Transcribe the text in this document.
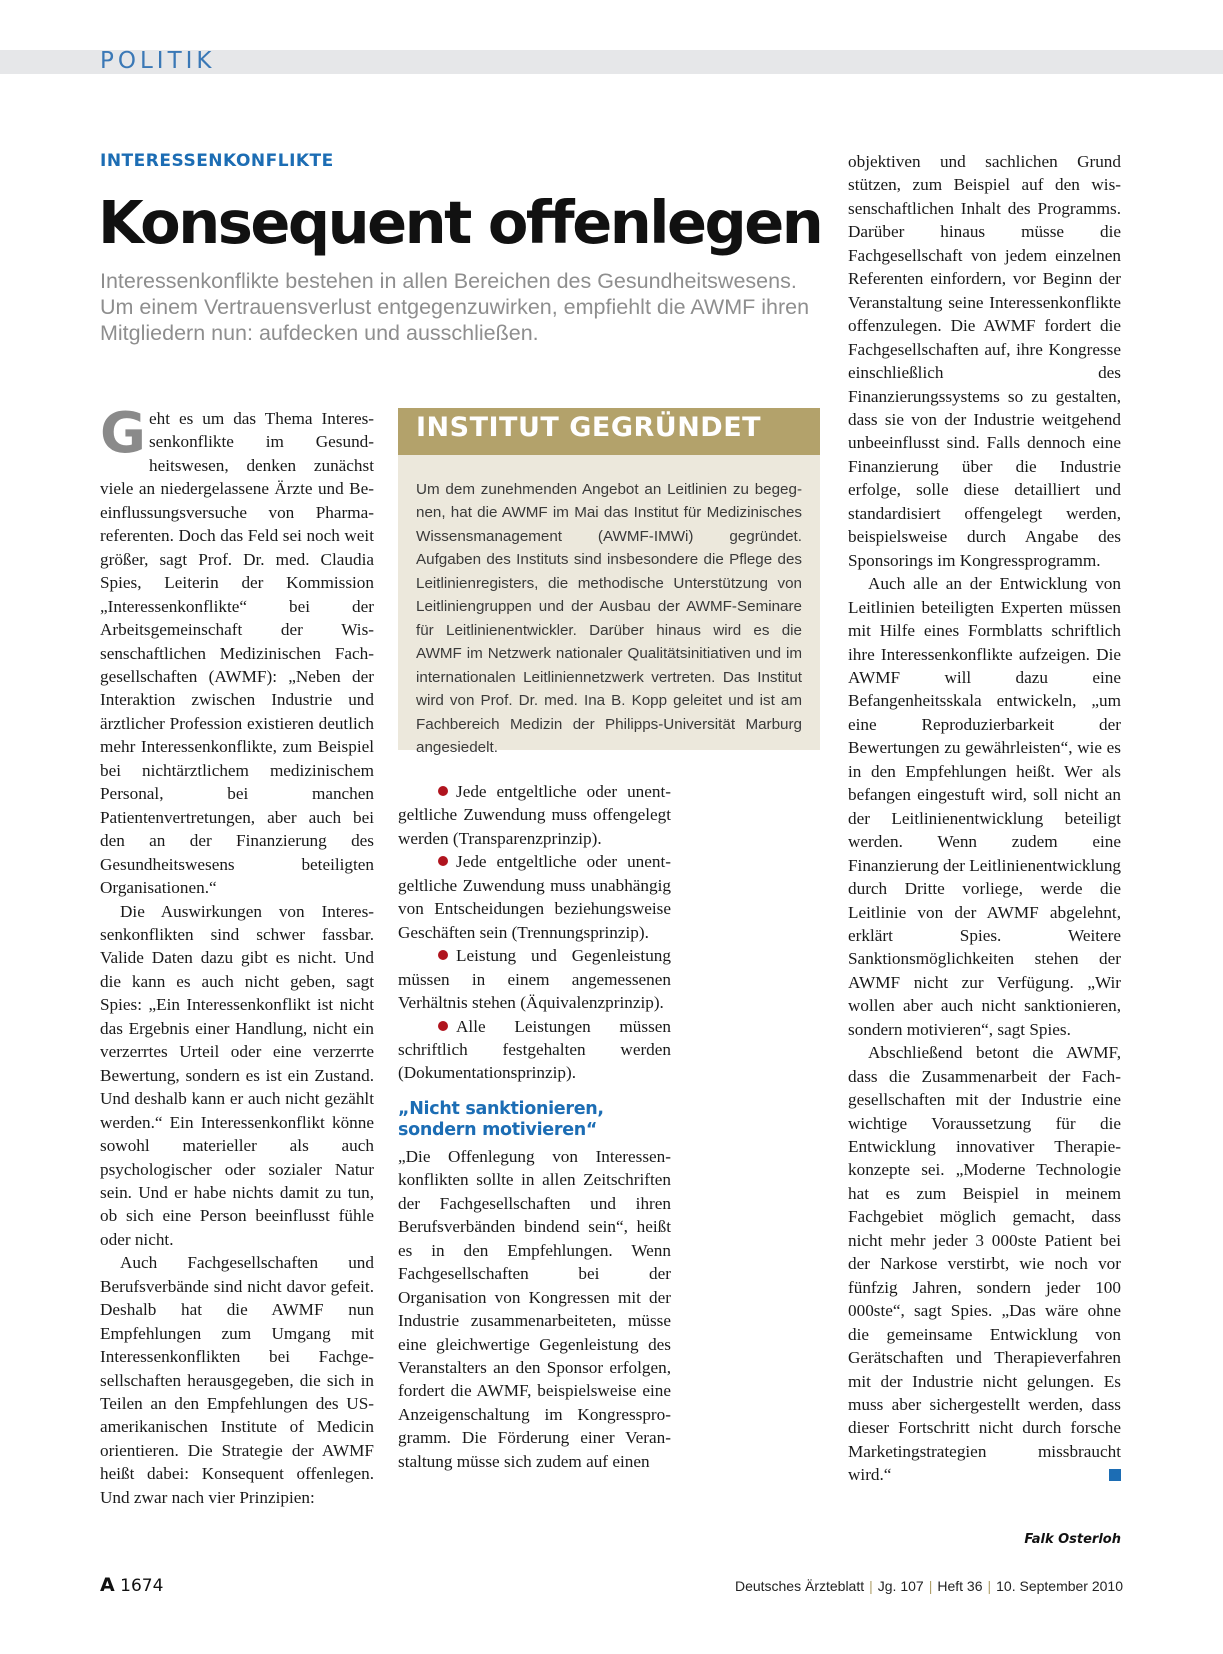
POLITIK
INTERESSENKONFLIKTE
Konsequent offenlegen
Interessenkonflikte bestehen in allen Bereichen des Gesundheitswesens. Um einem Vertrauensverlust entgegenzuwirken, empfiehlt die AWMF ihren Mitgliedern nun: aufdecken und ausschließen.

Geht es um das Thema Interessenkonflikte im Gesundheitswesen, denken zunächst viele an niedergelassene Ärzte und Beeinflussungsversuche von Pharmareferenten. Doch das Feld sei noch weit größer, sagt Prof. Dr. med. Claudia Spies, Leiterin der Kommission „Interessenkonflikte“ bei der Arbeitsgemeinschaft der Wissenschaftlichen Medizinischen Fachgesellschaften (AWMF): „Neben der Interaktion zwischen Industrie und ärztlicher Profession existieren deutlich mehr Interessenkonflikte, zum Beispiel bei nichtärztlichem medizinischem Personal, bei manchen Patientenvertretungen, aber auch bei den an der Finanzierung des Gesundheitswesens beteiligten Organisationen.“

Die Auswirkungen von Interessenkonflikten sind schwer fassbar. Valide Daten dazu gibt es nicht. Und die kann es auch nicht geben, sagt Spies: „Ein Interessenkonflikt ist nicht das Ergebnis einer Handlung, nicht ein verzerrtes Urteil oder eine verzerrte Bewertung, sondern es ist ein Zustand. Und deshalb kann er auch nicht gezählt werden.“ Ein Interessenkonflikt könne sowohl materieller als auch psychologischer oder sozialer Natur sein. Und er habe nichts damit zu tun, ob sich eine Person beeinflusst fühle oder nicht.

Auch Fachgesellschaften und Berufsverbände sind nicht davor gefeit. Deshalb hat die AWMF nun Empfehlungen zum Umgang mit Interessenkonflikten bei Fachgesellschaften herausgegeben, die sich in Teilen an den Empfehlungen des US-amerikanischen Institute of Medicin orientieren. Die Strategie der AWMF heißt dabei: Konsequent offenlegen. Und zwar nach vier Prinzipien:

INSTITUT GEGRÜNDET
Um dem zunehmenden Angebot an Leitlinien zu begegnen, hat die AWMF im Mai das Institut für Medizinisches Wissensmanagement (AWMF-IMWi) gegründet. Aufgaben des Instituts sind insbesondere die Pflege des Leitlinienregisters, die methodische Unterstützung von Leitliniengruppen und der Ausbau der AWMF-Seminare für Leitlinienentwickler. Darüber hinaus wird es die AWMF im Netzwerk nationaler Qualitätsinitiativen und im internationalen Leitliniennetzwerk vertreten. Das Institut wird von Prof. Dr. med. Ina B. Kopp geleitet und ist am Fachbereich Medizin der Philipps-Universität Marburg angesiedelt.

Jede entgeltliche oder unentgeltliche Zuwendung muss offengelegt werden (Transparenzprinzip).

Jede entgeltliche oder unentgeltliche Zuwendung muss unabhängig von Entscheidungen beziehungsweise Geschäften sein (Trennungsprinzip).

Leistung und Gegenleistung müssen in einem angemessenen Verhältnis stehen (Äquivalenzprinzip).

Alle Leistungen müssen schriftlich festgehalten werden (Dokumentationsprinzip).

„Nicht sanktionieren, sondern motivieren“

„Die Offenlegung von Interessenkonflikten sollte in allen Zeitschriften der Fachgesellschaften und ihren Berufsverbänden bindend sein“, heißt es in den Empfehlungen. Wenn Fachgesellschaften bei der Organisation von Kongressen mit der Industrie zusammenarbeiteten, müsse eine gleichwertige Gegenleistung des Veranstalters an den Sponsor erfolgen, fordert die AWMF, beispielsweise eine Anzeigenschaltung im Kongressprogramm. Die Förderung einer Veranstaltung müsse sich zudem auf einen

objektiven und sachlichen Grund stützen, zum Beispiel auf den wissenschaftlichen Inhalt des Programms. Darüber hinaus müsse die Fachgesellschaft von jedem einzelnen Referenten einfordern, vor Beginn der Veranstaltung seine Interessenkonflikte offenzulegen. Die AWMF fordert die Fachgesellschaften auf, ihre Kongresse einschließlich des Finanzierungssystems so zu gestalten, dass sie von der Industrie weitgehend unbeeinflusst sind. Falls dennoch eine Finanzierung über die Industrie erfolge, solle diese detailliert und standardisiert offengelegt werden, beispielsweise durch Angabe des Sponsorings im Kongressprogramm.

Auch alle an der Entwicklung von Leitlinien beteiligten Experten müssen mit Hilfe eines Formblatts schriftlich ihre Interessenkonflikte aufzeigen. Die AWMF will dazu eine Befangenheitsskala entwickeln, „um eine Reproduzierbarkeit der Bewertungen zu gewährleisten“, wie es in den Empfehlungen heißt. Wer als befangen eingestuft wird, soll nicht an der Leitlinienentwicklung beteiligt werden. Wenn zudem eine Finanzierung der Leitlinienentwicklung durch Dritte vorliege, werde die Leitlinie von der AWMF abgelehnt, erklärt Spies. Weitere Sanktionsmöglichkeiten stehen der AWMF nicht zur Verfügung. „Wir wollen aber auch nicht sanktionieren, sondern motivieren“, sagt Spies.

Abschließend betont die AWMF, dass die Zusammenarbeit der Fachgesellschaften mit der Industrie eine wichtige Voraussetzung für die Entwicklung innovativer Therapiekonzepte sei. „Moderne Technologie hat es zum Beispiel in meinem Fachgebiet möglich gemacht, dass nicht mehr jeder 3 000ste Patient bei der Narkose verstirbt, wie noch vor fünfzig Jahren, sondern jeder 100 000ste“, sagt Spies. „Das wäre ohne die gemeinsame Entwicklung von Gerätschaften und Therapieverfahren mit der Industrie nicht gelungen. Es muss aber sichergestellt werden, dass dieser Fortschritt nicht durch forsche Marketingstrategien missbraucht wird.“

Falk Osterloh
A 1674	Deutsches Ärzteblatt | Jg. 107 | Heft 36 | 10. September 2010
